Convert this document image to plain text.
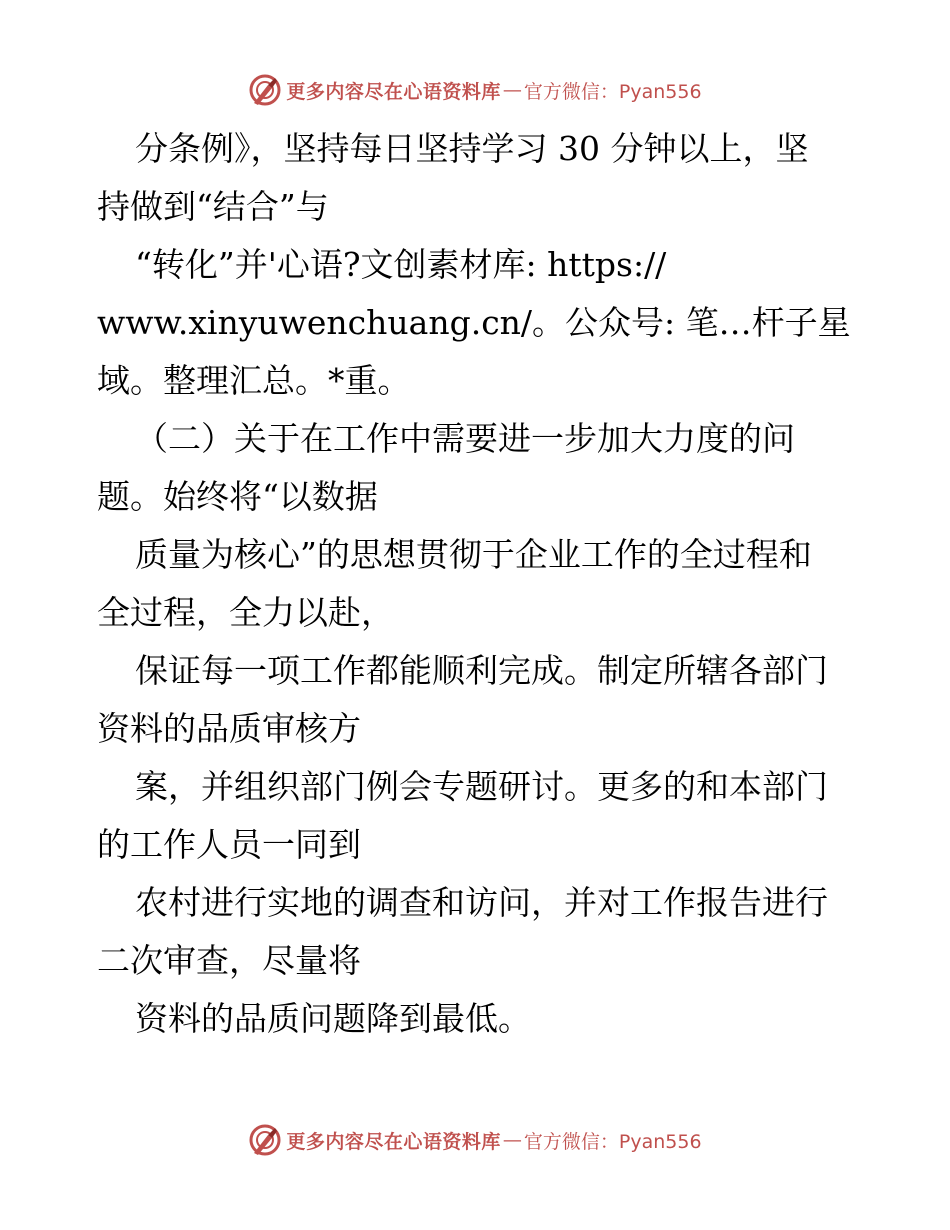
更多内容尽在心语资料库 — 官方微信：Pyan556
分条例》，坚持每日坚持学习 30 分钟以上，坚
持做到“结合”与
“转化”并'心语?文创素材库: https://
www.xinyuwenchuang.cn/。公众号: 笔…杆子星
域。整理汇总。*重。
（二）关于在工作中需要进一步加大力度的问
题。始终将“以数据
质量为核心”的思想贯彻于企业工作的全过程和
全过程，全力以赴，
保证每一项工作都能顺利完成。制定所辖各部门
资料的品质审核方
案，并组织部门例会专题研讨。更多的和本部门
的工作人员一同到
农村进行实地的调查和访问，并对工作报告进行
二次审查，尽量将
资料的品质问题降到最低。
更多内容尽在心语资料库 — 官方微信：Pyan556
